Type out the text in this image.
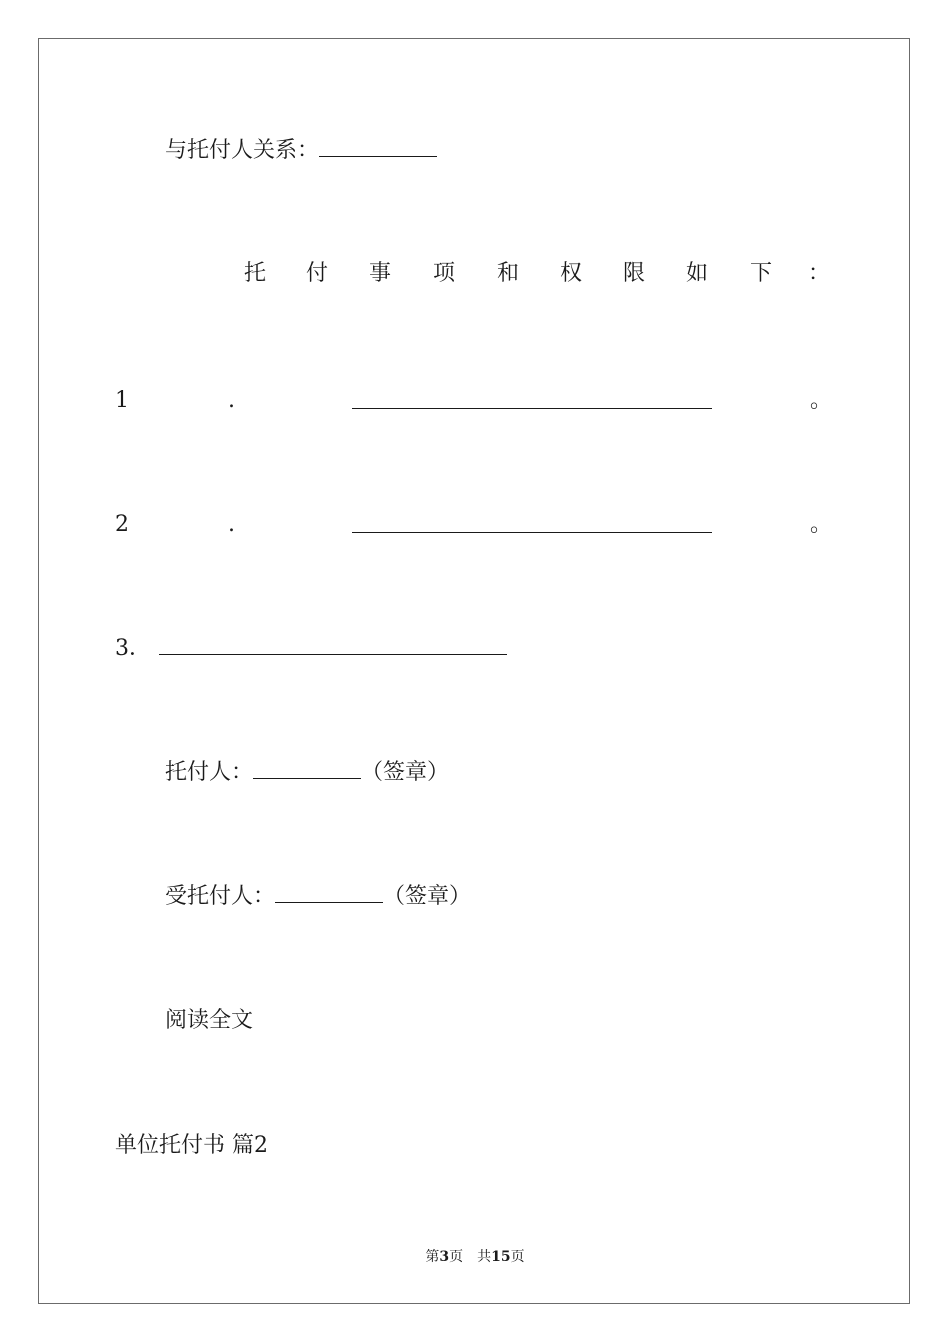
与托付人关系：
托 付 事 项 和 权 限 如 下 ：
1	.	。
2	.	。
3．
托付人：	（签章）
受托付人：	（签章）
阅读全文
单位托付书 篇2
第3页　共15页
